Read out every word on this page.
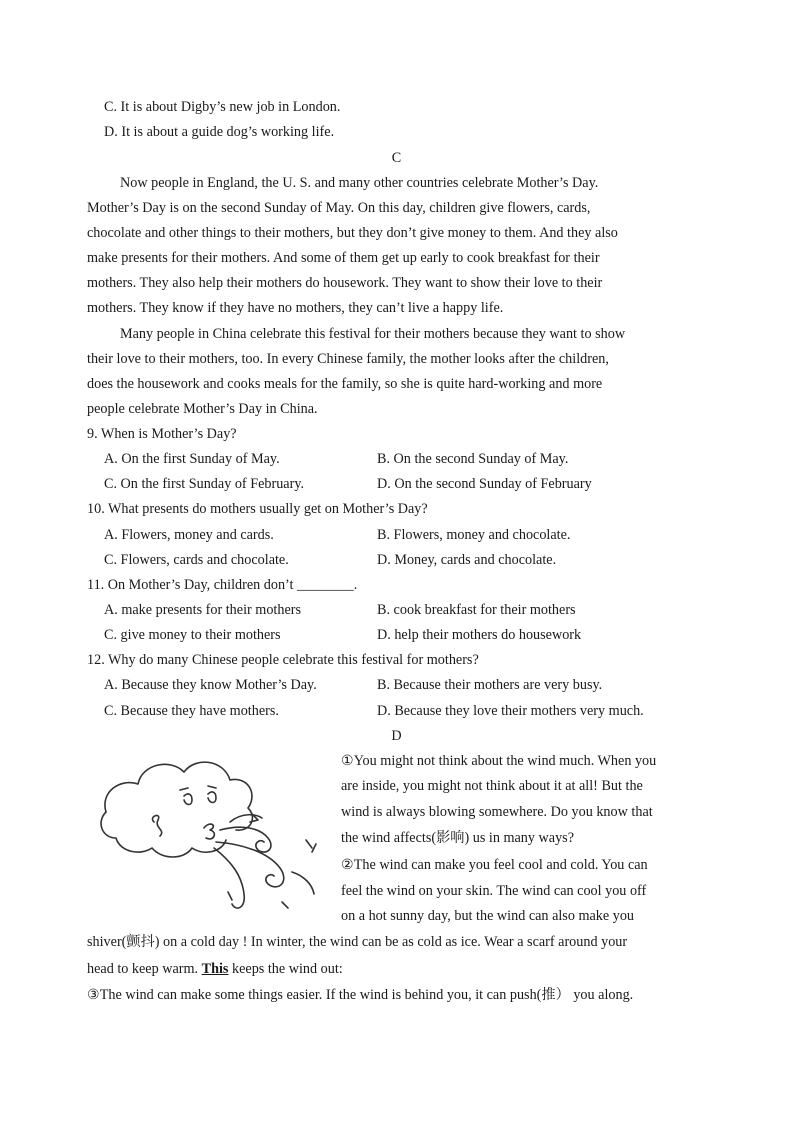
C. It is about Digby’s new job in London.
D. It is about a guide dog’s working life.
C
Now people in England, the U. S. and many other countries celebrate Mother’s Day.
Mother’s Day is on the second Sunday of May. On this day, children give flowers, cards,
chocolate and other things to their mothers, but they don’t give money to them. And they also
make presents for their mothers. And some of them get up early to cook breakfast for their
mothers. They also help their mothers do housework. They want to show their love to their
mothers. They know if they have no mothers, they can’t live a happy life.
Many people in China celebrate this festival for their mothers because they want to show
their love to their mothers, too. In every Chinese family, the mother looks after the children,
does the housework and cooks meals for the family, so she is quite hard-working and more
people celebrate Mother’s Day in China.
9. When is Mother’s Day?
A. On the first Sunday of May.	B. On the second Sunday of May.
C. On the first Sunday of February.	D. On the second Sunday of February
10. What presents do mothers usually get on Mother’s Day?
A. Flowers, money and cards.	B. Flowers, money and chocolate.
C. Flowers, cards and chocolate.	D. Money, cards and chocolate.
11. On Mother’s Day, children don’t ________.
A. make presents for their mothers	B. cook breakfast for their mothers
C. give money to their mothers	D. help their mothers do housework
12. Why do many Chinese people celebrate this festival for mothers?
A. Because they know Mother’s Day.	B. Because their mothers are very busy.
C. Because they have mothers.	D. Because they love their mothers very much.
D
①You might not think about the wind much. When you
are inside, you might not think about it at all! But the
wind is always blowing somewhere. Do you know that
the wind affects(影响) us in many ways?
②The wind can make you feel cool and cold. You can
feel the wind on your skin. The wind can cool you off
on a hot sunny day, but the wind can also make you
shiver(颤抖) on a cold day ! In winter, the wind can be as cold as ice. Wear a scarf around your
head to keep warm. This keeps the wind out:
③The wind can make some things easier. If the wind is behind you, it can push(推） you along.
